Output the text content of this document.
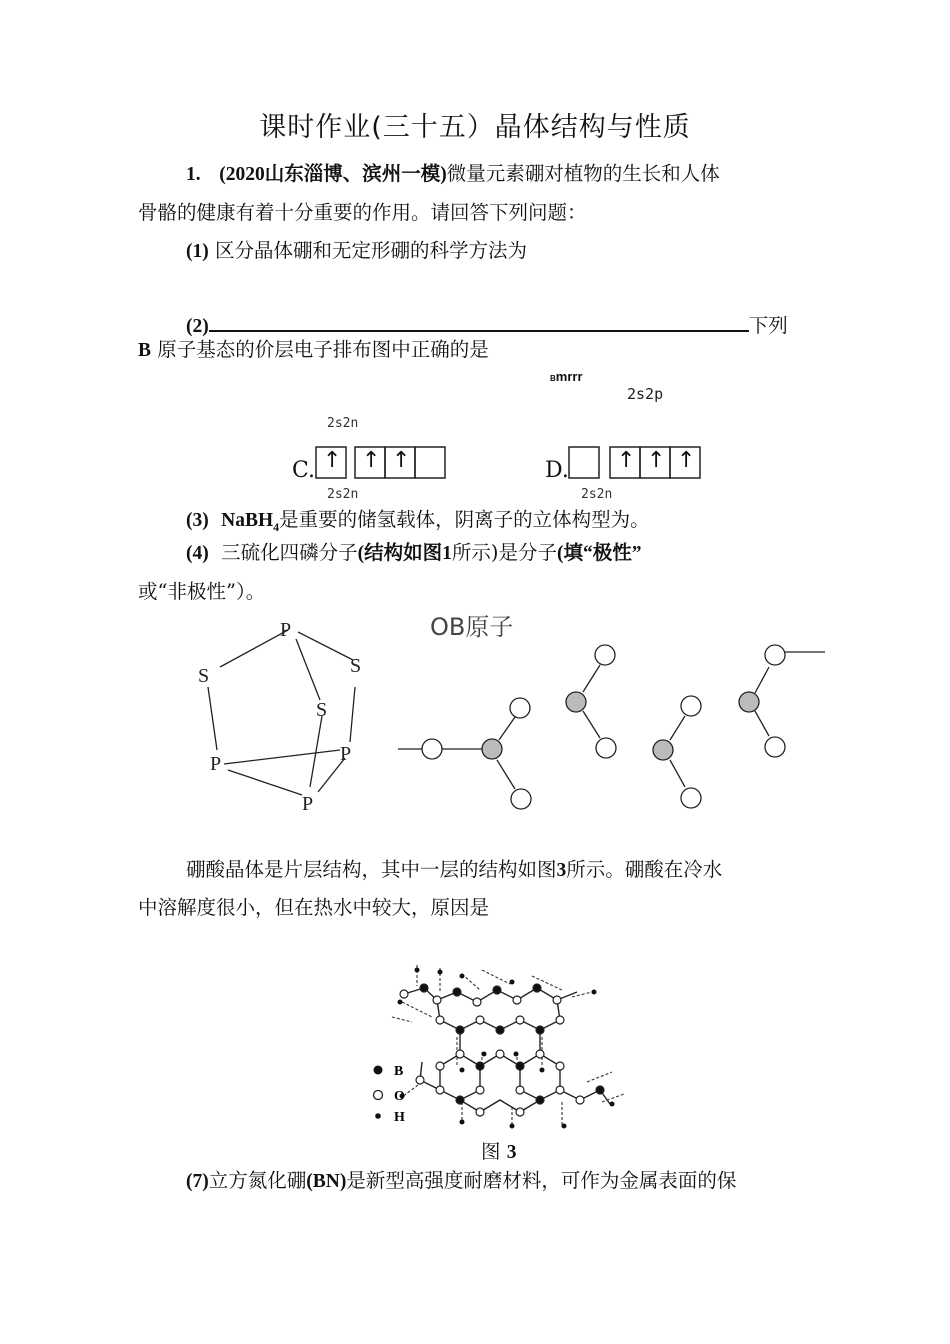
课时作业(三十五）晶体结构与性质
1. (2020山东淄博、滨州一模)微量元素硼对植物的生长和人体
骨骼的健康有着十分重要的作用。请回答下列问题：
(1) 区分晶体硼和无定形硼的科学方法为
(2)	下列
B 原子基态的价层电子排布图中正确的是
Bmrrr
2s2p
2s2n
C. ↑ ↑ ↑	D. ↑ ↑ ↑
2s2n	2s2n
(3) NaBH$_4$是重要的储氢载体，阴离子的立体构型为。
(4) 三硫化四磷分子(结构如图1所示)是分子(填“极性”
或“非极性”）。
P
S
S
S
P	P
P
OB原子
硼酸晶体是片层结构，其中一层的结构如图3所示。硼酸在冷水
中溶解度很小，但在热水中较大，原因是
B
O
H
图 3
(7)立方氮化硼(BN)是新型高强度耐磨材料，可作为金属表面的保
